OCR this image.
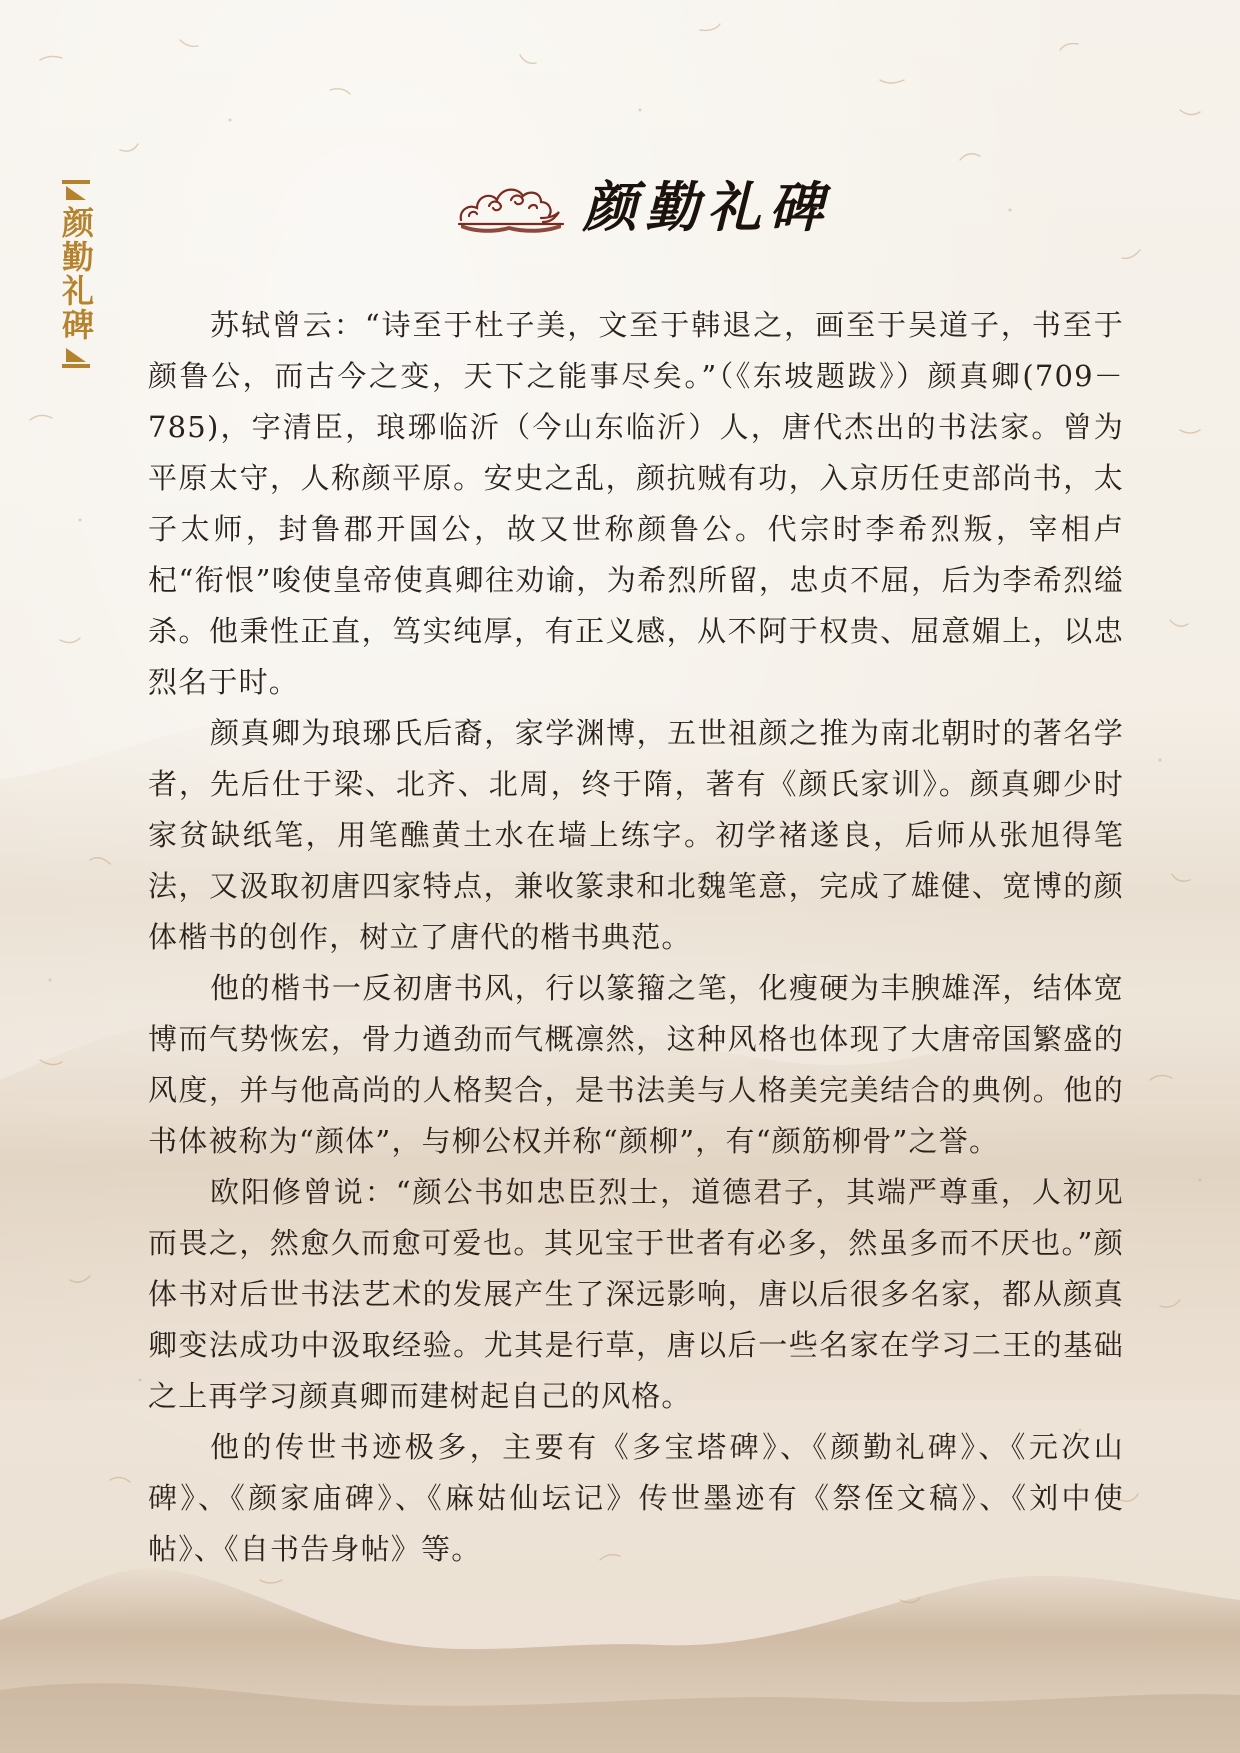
颜勤礼碑	颜勤礼碑

苏轼曾云：“诗至于杜子美，文至于韩退之，画至于吴道子，书至于颜鲁公，而古今之变，天下之能事尽矣。”（《东坡题跋》）颜真卿(709－785)，字清臣，琅琊临沂（今山东临沂）人，唐代杰出的书法家。曾为平原太守，人称颜平原。安史之乱，颜抗贼有功，入京历任吏部尚书，太子太师，封鲁郡开国公，故又世称颜鲁公。代宗时李希烈叛，宰相卢杞“衔恨”唆使皇帝使真卿往劝谕，为希烈所留，忠贞不屈，后为李希烈缢杀。他秉性正直，笃实纯厚，有正义感，从不阿于权贵、屈意媚上，以忠烈名于时。

颜真卿为琅琊氏后裔，家学渊博，五世祖颜之推为南北朝时的著名学者，先后仕于梁、北齐、北周，终于隋，著有《颜氏家训》。颜真卿少时家贫缺纸笔，用笔醮黄土水在墙上练字。初学褚遂良，后师从张旭得笔法，又汲取初唐四家特点，兼收篆隶和北魏笔意，完成了雄健、宽博的颜体楷书的创作，树立了唐代的楷书典范。

他的楷书一反初唐书风，行以篆籀之笔，化瘦硬为丰腴雄浑，结体宽博而气势恢宏，骨力遒劲而气概凛然，这种风格也体现了大唐帝国繁盛的风度，并与他高尚的人格契合，是书法美与人格美完美结合的典例。他的书体被称为“颜体”，与柳公权并称“颜柳”，有“颜筋柳骨”之誉。

欧阳修曾说：“颜公书如忠臣烈士，道德君子，其端严尊重，人初见而畏之，然愈久而愈可爱也。其见宝于世者有必多，然虽多而不厌也。”颜体书对后世书法艺术的发展产生了深远影响，唐以后很多名家，都从颜真卿变法成功中汲取经验。尤其是行草，唐以后一些名家在学习二王的基础之上再学习颜真卿而建树起自己的风格。

他的传世书迹极多，主要有《多宝塔碑》、《颜勤礼碑》、《元次山碑》、《颜家庙碑》、《麻姑仙坛记》传世墨迹有《祭侄文稿》、《刘中使帖》、《自书告身帖》等。
